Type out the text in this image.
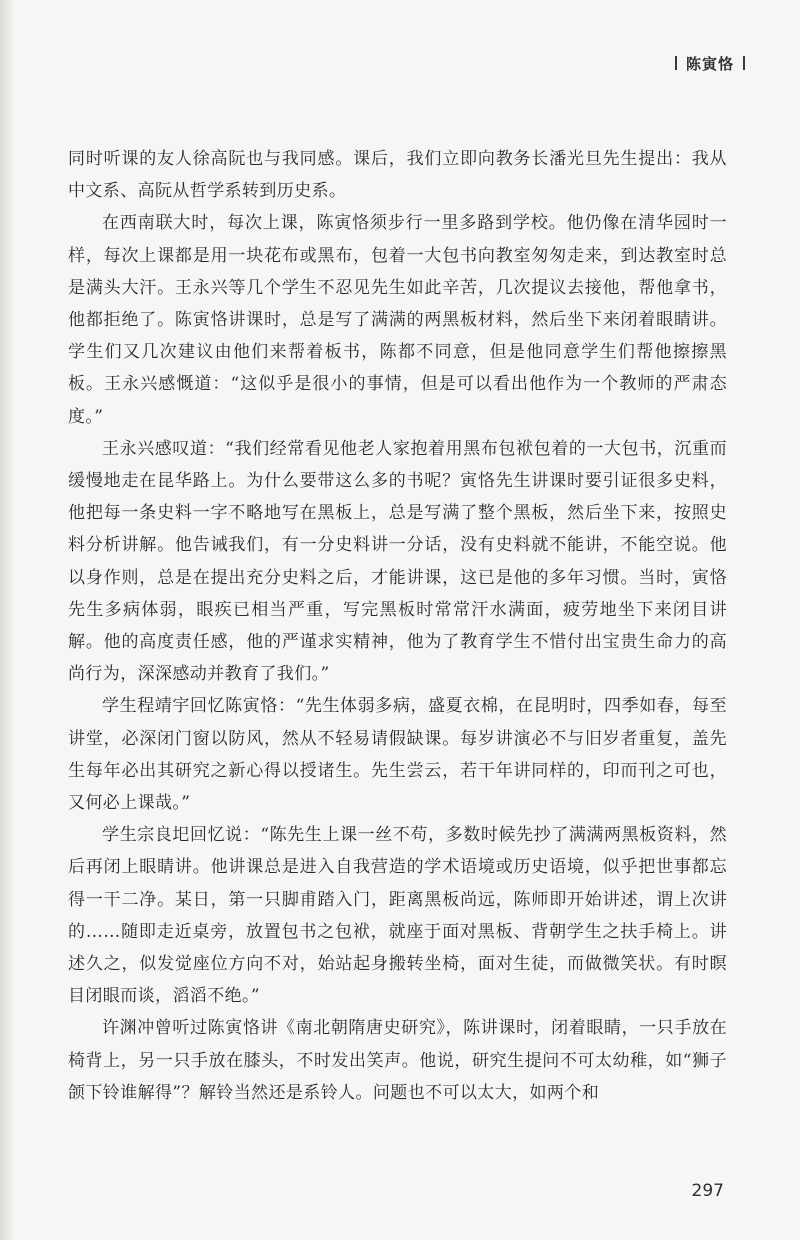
陈寅恪

同时听课的友人徐高阮也与我同感。课后，我们立即向教务长潘光旦先生提出：我从中文系、高阮从哲学系转到历史系。

在西南联大时，每次上课，陈寅恪须步行一里多路到学校。他仍像在清华园时一样，每次上课都是用一块花布或黑布，包着一大包书向教室匆匆走来，到达教室时总是满头大汗。王永兴等几个学生不忍见先生如此辛苦，几次提议去接他，帮他拿书，他都拒绝了。陈寅恪讲课时，总是写了满满的两黑板材料，然后坐下来闭着眼睛讲。学生们又几次建议由他们来帮着板书，陈都不同意，但是他同意学生们帮他擦擦黑板。王永兴感慨道：“这似乎是很小的事情，但是可以看出他作为一个教师的严肃态度。”

王永兴感叹道：“我们经常看见他老人家抱着用黑布包袱包着的一大包书，沉重而缓慢地走在昆华路上。为什么要带这么多的书呢？寅恪先生讲课时要引证很多史料，他把每一条史料一字不略地写在黑板上，总是写满了整个黑板，然后坐下来，按照史料分析讲解。他告诫我们，有一分史料讲一分话，没有史料就不能讲，不能空说。他以身作则，总是在提出充分史料之后，才能讲课，这已是他的多年习惯。当时，寅恪先生多病体弱，眼疾已相当严重，写完黑板时常常汗水满面，疲劳地坐下来闭目讲解。他的高度责任感，他的严谨求实精神，他为了教育学生不惜付出宝贵生命力的高尚行为，深深感动并教育了我们。”

学生程靖宇回忆陈寅恪：“先生体弱多病，盛夏衣棉，在昆明时，四季如春，每至讲堂，必深闭门窗以防风，然从不轻易请假缺课。每岁讲演必不与旧岁者重复，盖先生每年必出其研究之新心得以授诸生。先生尝云，若干年讲同样的，印而刊之可也，又何必上课哉。”

学生宗良圯回忆说：“陈先生上课一丝不苟，多数时候先抄了满满两黑板资料，然后再闭上眼睛讲。他讲课总是进入自我营造的学术语境或历史语境，似乎把世事都忘得一干二净。某日，第一只脚甫踏入门，距离黑板尚远，陈师即开始讲述，谓上次讲的……随即走近桌旁，放置包书之包袱，就座于面对黑板、背朝学生之扶手椅上。讲述久之，似发觉座位方向不对，始站起身搬转坐椅，面对生徒，而做微笑状。有时瞑目闭眼而谈，滔滔不绝。”

许渊冲曾听过陈寅恪讲《南北朝隋唐史研究》，陈讲课时，闭着眼睛，一只手放在椅背上，另一只手放在膝头，不时发出笑声。他说，研究生提问不可太幼稚，如“狮子颌下铃谁解得”？解铃当然还是系铃人。问题也不可以太大，如两个和

297
